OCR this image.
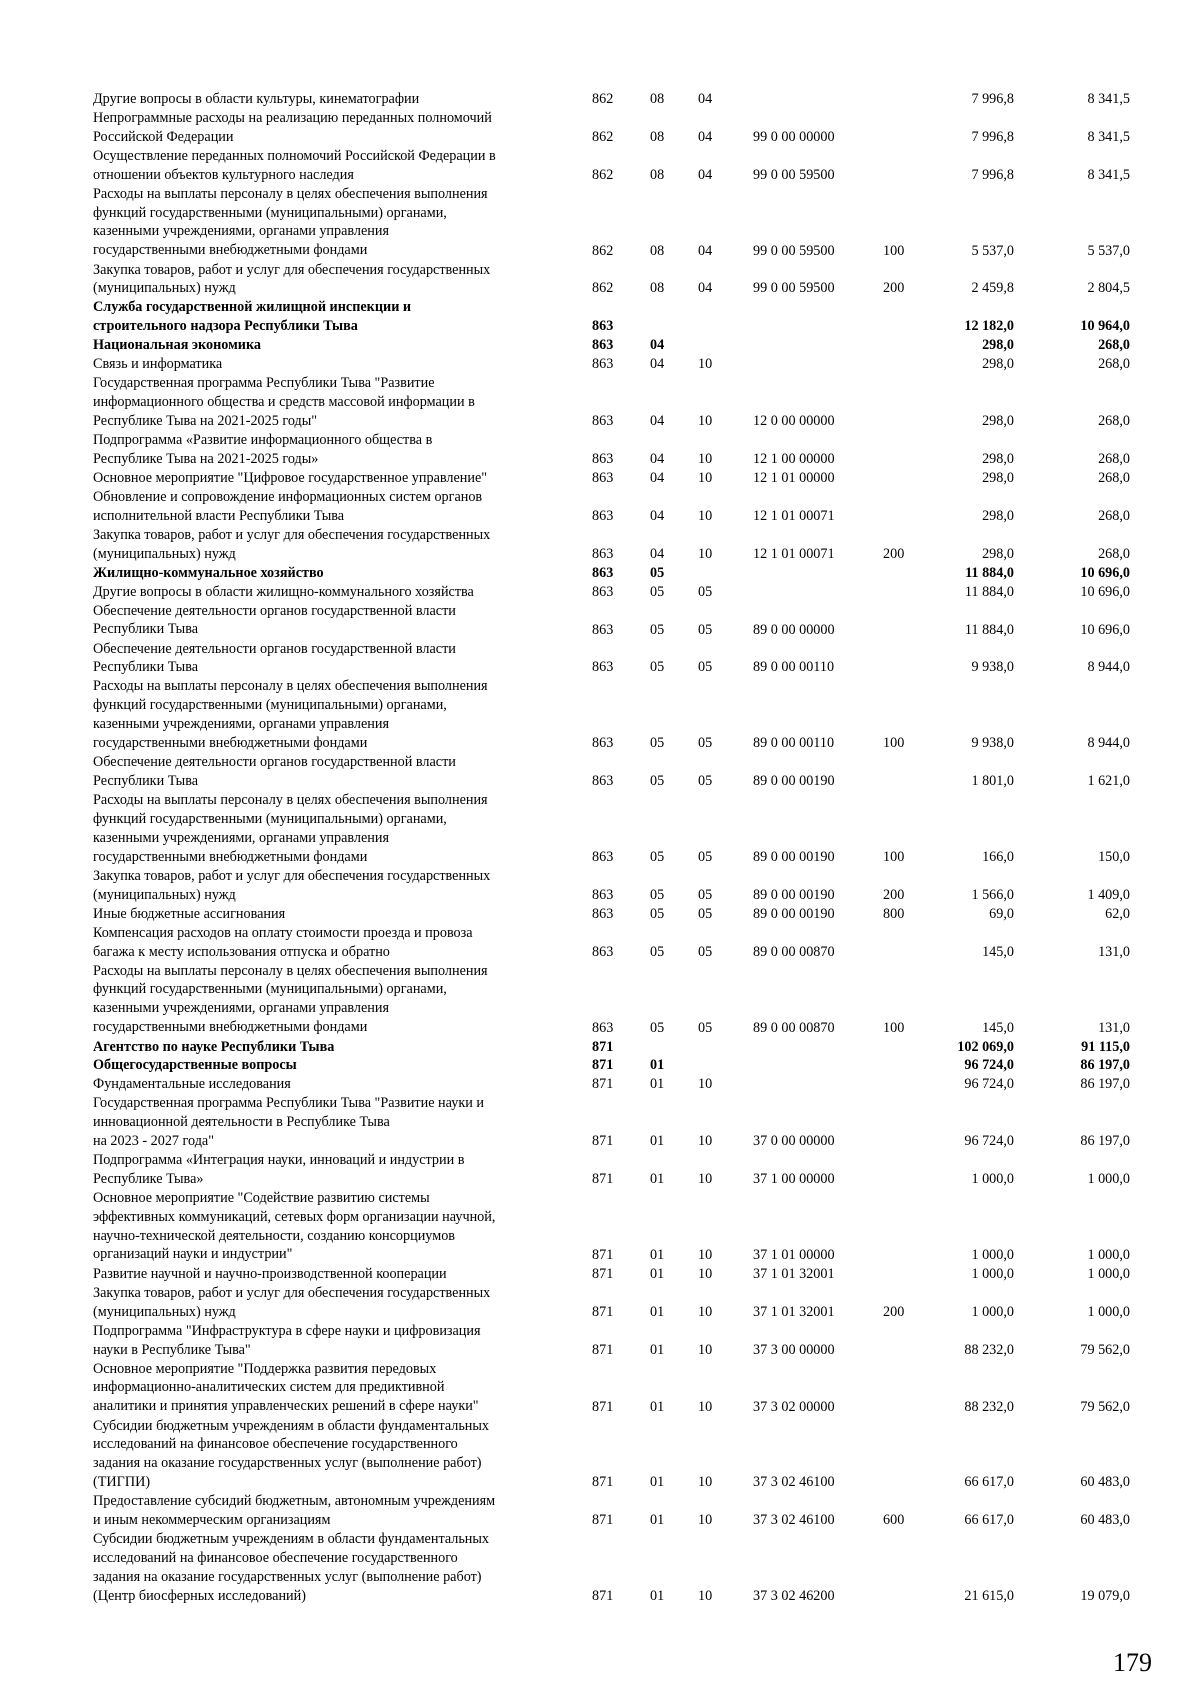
Другие вопросы в области культуры, кинематографии	862	08 04	7 996,8	8 341,5
Непрограммные расходы на реализацию переданных полномочий
Российской Федерации	862	08 04	99 0 00 00000	7 996,8	8 341,5
Осуществление переданных полномочий Российской Федерации в
отношении объектов культурного наследия	862	08 04	99 0 00 59500	7 996,8	8 341,5
Расходы на выплаты персоналу в целях обеспечения выполнения
функций государственными (муниципальными) органами,
казенными учреждениями, органами управления
государственными внебюджетными фондами	862	08 04	99 0 00 59500	100	5 537,0	5 537,0
Закупка товаров, работ и услуг для обеспечения государственных
(муниципальных) нужд	862	08 04	99 0 00 59500	200	2 459,8	2 804,5
Служба государственной жилищной инспекции и
строительного надзора Республики Тыва	863	12 182,0	10 964,0
Национальная экономика	863	04	298,0	268,0
Связь и информатика	863	04 10	298,0	268,0
Государственная программа Республики Тыва "Развитие
информационного общества и средств массовой информации в
Республике Тыва на 2021-2025 годы"	863	04 10	12 0 00 00000	298,0	268,0
Подпрограмма «Развитие информационного общества в
Республике Тыва на 2021-2025 годы»	863	04 10	12 1 00 00000	298,0	268,0
Основное мероприятие "Цифровое государственное управление"	863	04 10	12 1 01 00000	298,0	268,0
Обновление и сопровождение информационных систем органов
исполнительной власти Республики Тыва	863	04 10	12 1 01 00071	298,0	268,0
Закупка товаров, работ и услуг для обеспечения государственных
(муниципальных) нужд	863	04 10	12 1 01 00071	200	298,0	268,0
Жилищно-коммунальное хозяйство	863	05	11 884,0	10 696,0
Другие вопросы в области жилищно-коммунального хозяйства	863	05 05	11 884,0	10 696,0
Обеспечение деятельности органов государственной власти
Республики Тыва	863	05 05	89 0 00 00000	11 884,0	10 696,0
Обеспечение деятельности органов государственной власти
Республики Тыва	863	05 05	89 0 00 00110	9 938,0	8 944,0
Расходы на выплаты персоналу в целях обеспечения выполнения
функций государственными (муниципальными) органами,
казенными учреждениями, органами управления
государственными внебюджетными фондами	863	05 05	89 0 00 00110	100	9 938,0	8 944,0
Обеспечение деятельности органов государственной власти
Республики Тыва	863	05 05	89 0 00 00190	1 801,0	1 621,0
Расходы на выплаты персоналу в целях обеспечения выполнения
функций государственными (муниципальными) органами,
казенными учреждениями, органами управления
государственными внебюджетными фондами	863	05 05	89 0 00 00190	100	166,0	150,0
Закупка товаров, работ и услуг для обеспечения государственных
(муниципальных) нужд	863	05 05	89 0 00 00190	200	1 566,0	1 409,0
Иные бюджетные ассигнования	863	05 05	89 0 00 00190	800	69,0	62,0
Компенсация расходов на оплату стоимости проезда и провоза
багажа к месту использования отпуска и обратно	863	05 05	89 0 00 00870	145,0	131,0
Расходы на выплаты персоналу в целях обеспечения выполнения
функций государственными (муниципальными) органами,
казенными учреждениями, органами управления
государственными внебюджетными фондами	863	05 05	89 0 00 00870	100	145,0	131,0
Агентство по науке Республики Тыва	871	102 069,0	91 115,0
Общегосударственные вопросы	871	01	96 724,0	86 197,0
Фундаментальные исследования	871	01 10	96 724,0	86 197,0
Государственная программа Республики Тыва "Развитие науки и
инновационной деятельности в Республике Тыва
на 2023 - 2027 года"	871	01 10	37 0 00 00000	96 724,0	86 197,0
Подпрограмма «Интеграция науки, инноваций и индустрии в
Республике Тыва»	871	01 10	37 1 00 00000	1 000,0	1 000,0
Основное мероприятие "Содействие развитию системы
эффективных коммуникаций, сетевых форм организации научной,
научно-технической деятельности, созданию консорциумов
организаций науки и индустрии"	871	01 10	37 1 01 00000	1 000,0	1 000,0
Развитие научной и научно-производственной кооперации	871	01 10	37 1 01 32001	1 000,0	1 000,0
Закупка товаров, работ и услуг для обеспечения государственных
(муниципальных) нужд	871	01 10	37 1 01 32001	200	1 000,0	1 000,0
Подпрограмма "Инфраструктура в сфере науки и цифровизация
науки в Республике Тыва"	871	01 10	37 3 00 00000	88 232,0	79 562,0
Основное мероприятие "Поддержка развития передовых
информационно-аналитических систем для предиктивной
аналитики и принятия управленческих решений в сфере науки"	871	01 10	37 3 02 00000	88 232,0	79 562,0
Субсидии бюджетным учреждениям в области фундаментальных
исследований на финансовое обеспечение государственного
задания на оказание государственных услуг (выполнение работ)
(ТИГПИ)	871	01 10	37 3 02 46100	66 617,0	60 483,0
Предоставление субсидий бюджетным, автономным учреждениям
и иным некоммерческим организациям	871	01 10	37 3 02 46100	600	66 617,0	60 483,0
Субсидии бюджетным учреждениям в области фундаментальных
исследований на финансовое обеспечение государственного
задания на оказание государственных услуг (выполнение работ)
(Центр биосферных исследований)	871	01 10	37 3 02 46200	21 615,0	19 079,0
179
